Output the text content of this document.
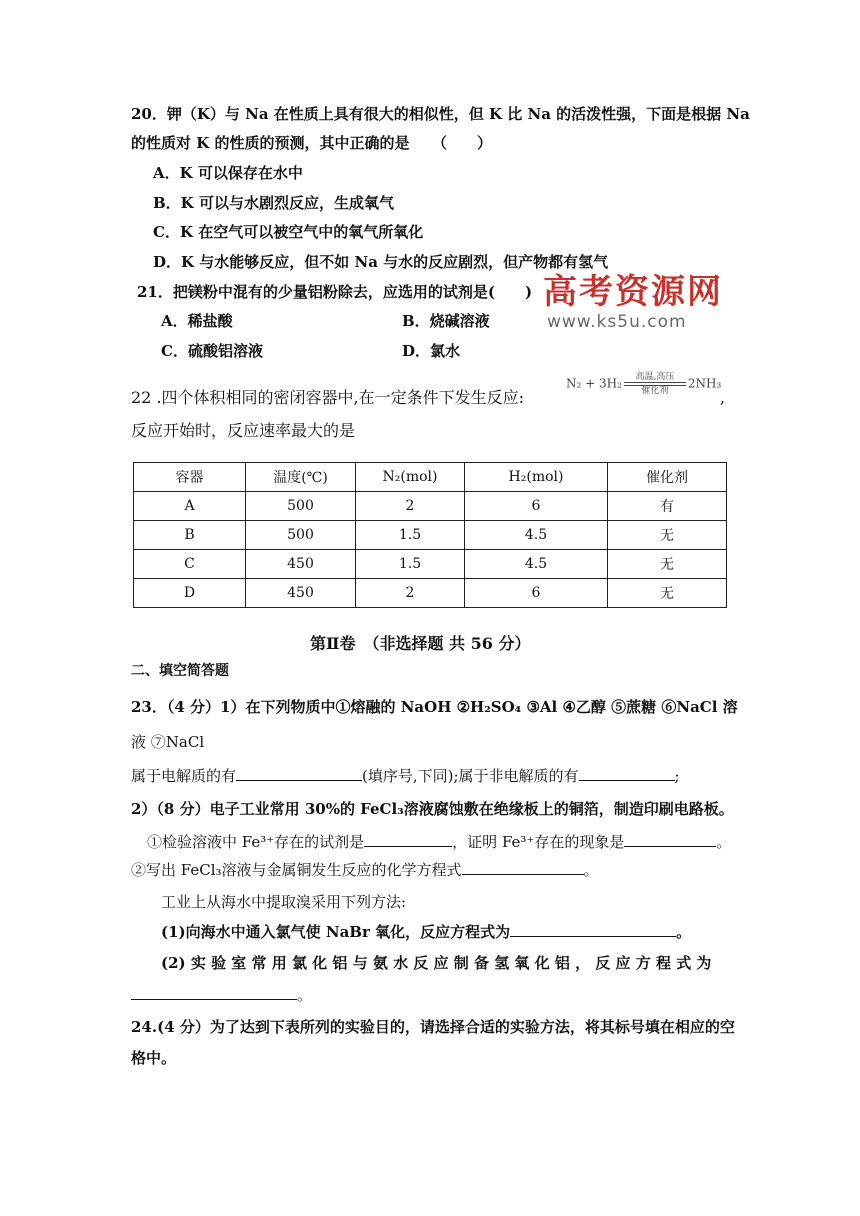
20．钾（K）与 Na 在性质上具有很大的相似性，但 K 比 Na 的活泼性强，下面是根据 Na
的性质对 K 的性质的预测，其中正确的是　　（　　）
A．K 可以保存在水中
B．K 可以与水剧烈反应，生成氧气
C．K 在空气可以被空气中的氧气所氧化
D．K 与水能够反应，但不如 Na 与水的反应剧烈，但产物都有氢气
高考资源网
www.ks5u.com
21．把镁粉中混有的少量铝粉除去，应选用的试剂是(　　)
A．稀盐酸	B．烧碱溶液
C．硫酸铝溶液	D．氯水
22 .四个体积相同的密闭容器中,在一定条件下发生反应:
N₂ + 3H₂	高温,高压
催化剂
2NH₃
,
反应开始时，反应速率最大的是
容器	温度(℃)	N₂(mol)	H₂(mol)	催化剂
A	500	2	6	有
B	500	1.5	4.5	无
C	450	1.5	4.5	无
D	450	2	6	无
第Ⅱ卷　（非选择题 共 56 分）
二、填空简答题
23．（4 分）1）在下列物质中①熔融的 NaOH ②H₂SO₄ ③Al ④乙醇 ⑤蔗糖 ⑥NaCl 溶
液 ⑦NaCl
属于电解质的有	(填序号,下同);属于非电解质的有	;
2）（8 分）电子工业常用 30%的 FeCl₃溶液腐蚀敷在绝缘板上的铜箔，制造印刷电路板。
①检验溶液中 Fe³⁺存在的试剂是	，证明 Fe³⁺存在的现象是	。
②写出 FeCl₃溶液与金属铜发生反应的化学方程式	。
工业上从海水中提取溴采用下列方法:
(1)向海水中通入氯气使 NaBr 氧化，反应方程式为	。
(2) 实 验 室 常 用 氯 化 铝 与 氨 水 反 应 制 备 氢 氧 化 铝 ， 反 应 方 程 式 为
。
24.(4 分）为了达到下表所列的实验目的，请选择合适的实验方法，将其标号填在相应的空
格中。
